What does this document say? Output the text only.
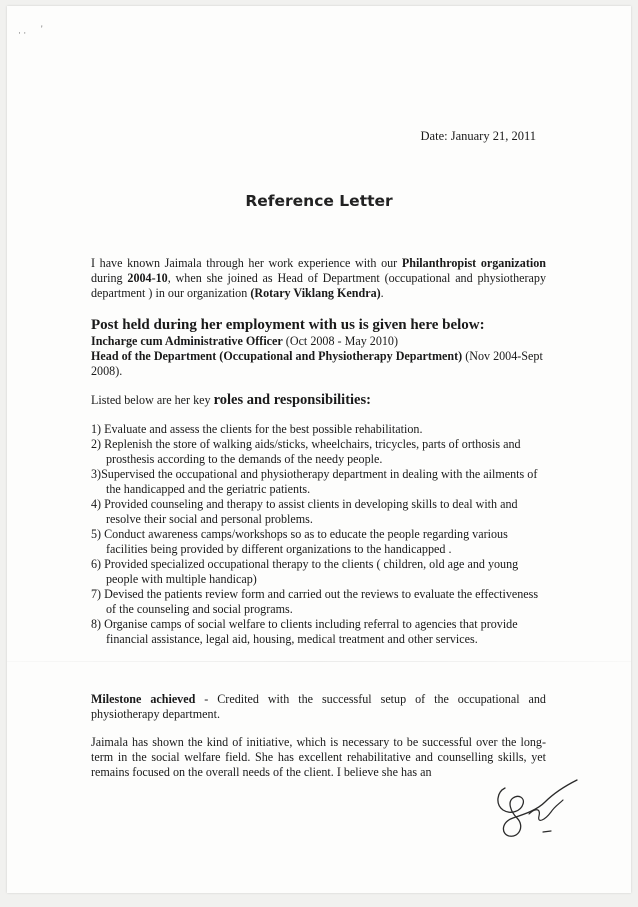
· · '
Date: January 21, 2011
Reference Letter
I have known Jaimala through her work experience with our Philanthropist organization during 2004-10, when she joined as Head of Department (occupational and physiotherapy department ) in our organization (Rotary Viklang Kendra).
Post held during her employment with us is given here below:
Incharge cum Administrative Officer (Oct 2008 - May 2010)
Head of the Department (Occupational and Physiotherapy Department) (Nov 2004-Sept 2008).
Listed below are her key roles and responsibilities:
1) Evaluate and assess the clients for the best possible rehabilitation.
2) Replenish the store of walking aids/sticks, wheelchairs, tricycles, parts of orthosis and prosthesis according to the demands of the needy people.
3)Supervised the occupational and physiotherapy department in dealing with the ailments of the handicapped and the geriatric patients.
4) Provided counseling and therapy to assist clients in developing skills to deal with and resolve their social and personal problems.
5) Conduct awareness camps/workshops so as to educate the people regarding various facilities being provided by different organizations to the handicapped .
6) Provided specialized occupational therapy to the clients ( children, old age and young people with multiple handicap)
7) Devised the patients review form and carried out the reviews to evaluate the effectiveness of the counseling and social programs.
8) Organise camps of social welfare to clients including referral to agencies that provide financial assistance, legal aid, housing, medical treatment and other services.
Milestone achieved - Credited with the successful setup of the occupational and physiotherapy department.
Jaimala has shown the kind of initiative, which is necessary to be successful over the long-term in the social welfare field. She has excellent rehabilitative and counselling skills, yet remains focused on the overall needs of the client. I believe she has an
